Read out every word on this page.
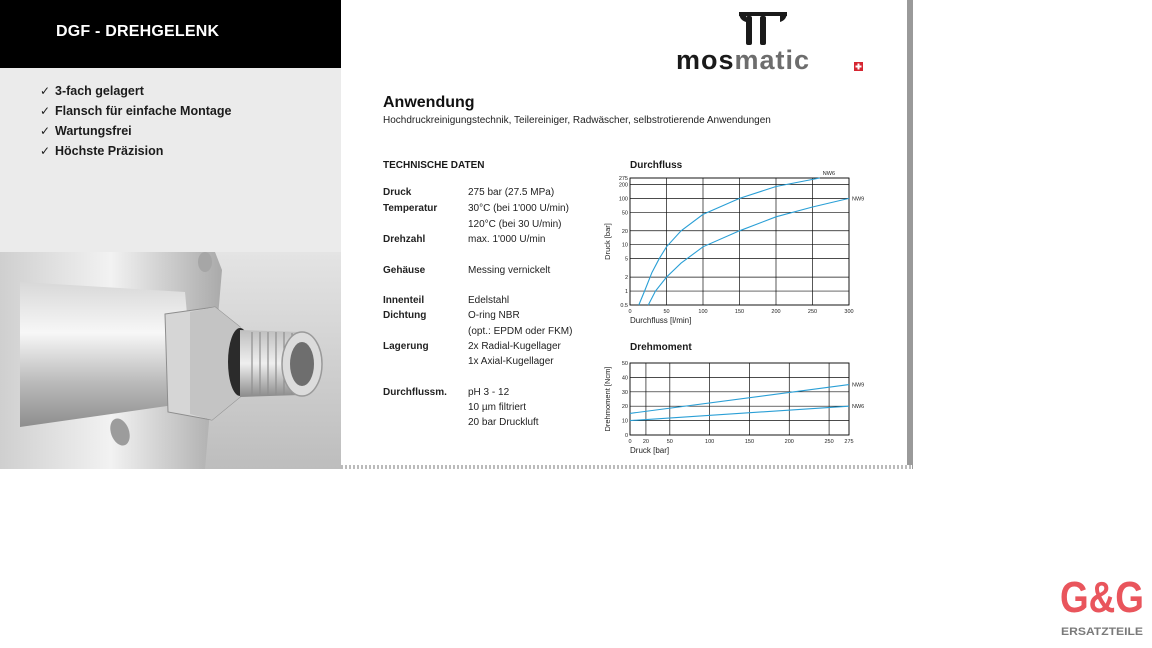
DGF - DREHGELENK
✓ 3-fach gelagert
✓ Flansch für einfache Montage
✓ Wartungsfrei
✓ Höchste Präzision
mosmatic
Anwendung
Hochdruckreinigungstechnik, Teilereiniger, Radwäscher, selbstrotierende Anwendungen
TECHNISCHE DATEN
Druck	275 bar (27.5 MPa)
Temperatur	30°C (bei 1'000 U/min)
120°C (bei 30 U/min)
Drehzahl	max. 1'000 U/min
Gehäuse	Messing vernickelt
Innenteil	Edelstahl
Dichtung	O-ring NBR
(opt.: EPDM oder FKM)
Lagerung	2x Radial-Kugellager
1x Axial-Kugellager
Durchflussm. pH 3 - 12
10 µm filtriert
20 bar Druckluft
Durchfluss
0	50	100	150	200	250	300
0.5
1
2
5
10
20
50
100
200
275
NW6
NW9
Durchfluss [l/min]
Druck [bar]
Drehmoment
0 20	50	100	150	200	250 275
0
10
20
30
40
50
NW9
NW6
Druck [bar]
Drehmoment [Ncm]
G&G
ERSATZTEILE
